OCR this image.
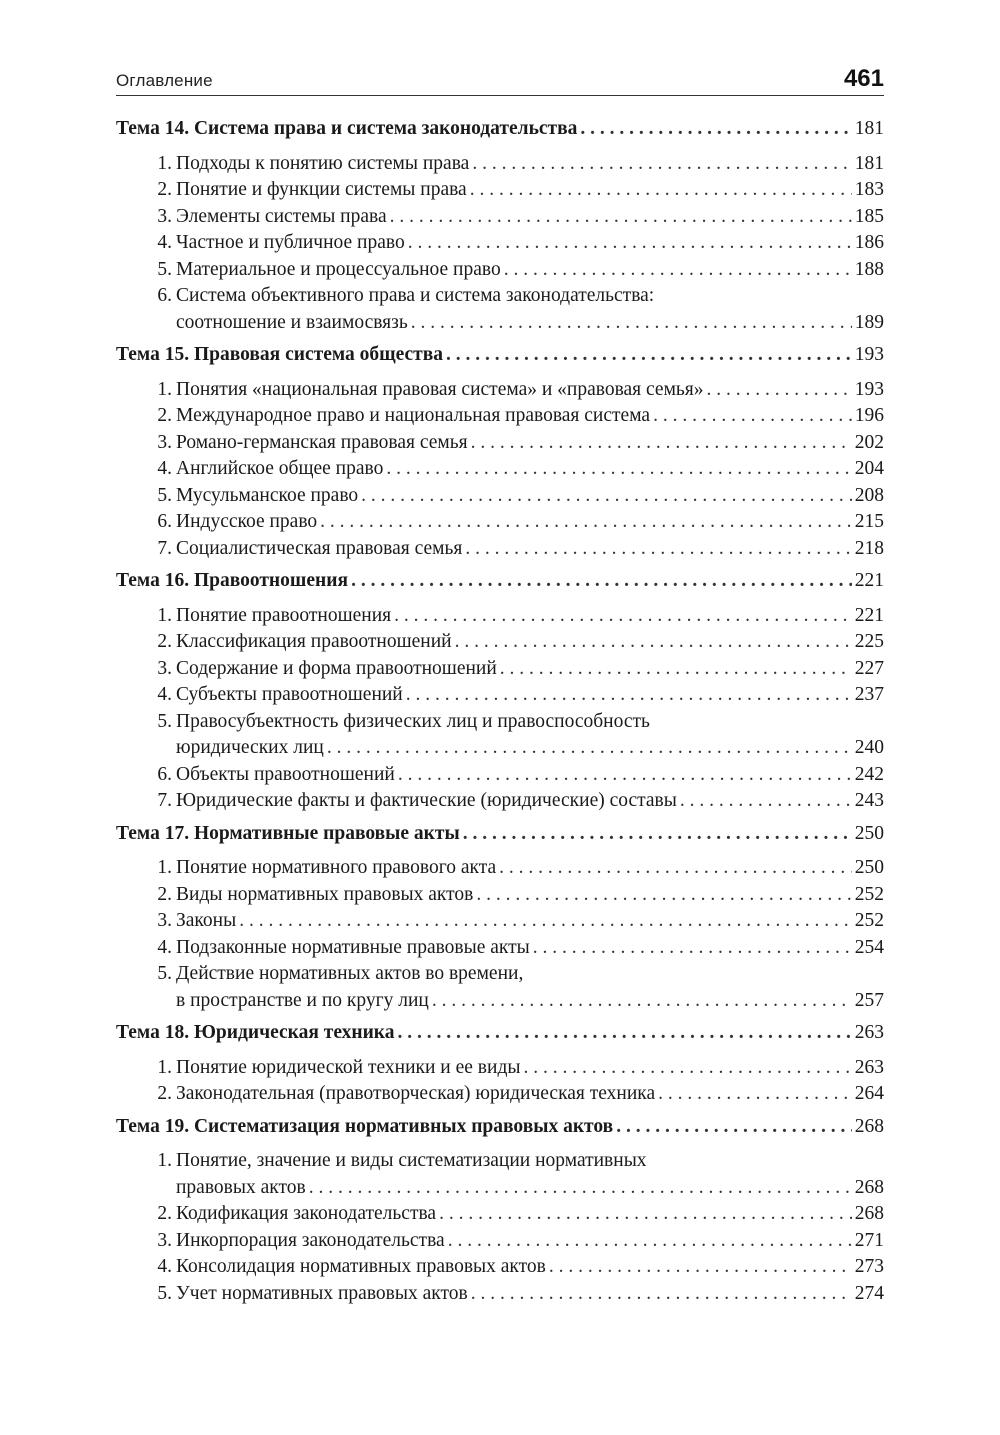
Оглавление	461
Тема 14. Система права и система законодательства . . .	181
1. Подходы к понятию системы права . . .	181
2. Понятие и функции системы права . . .	183
3. Элементы системы права . . .	185
4. Частное и публичное право . . .	186
5. Материальное и процессуальное право . . .	188
6. Система объективного права и система законодательства:
соотношение и взаимосвязь . . .	189
Тема 15. Правовая система общества . . .	193
1. Понятия «национальная правовая система» и «правовая семья» . . .	193
2. Международное право и национальная правовая система . . .	196
3. Романо-германская правовая семья . . .	202
4. Английское общее право . . .	204
5. Мусульманское право . . .	208
6. Индусское право . . .	215
7. Социалистическая правовая семья . . .	218
Тема 16. Правоотношения . . .	221
1. Понятие правоотношения . . .	221
2. Классификация правоотношений . . .	225
3. Содержание и форма правоотношений . . .	227
4. Субъекты правоотношений . . .	237
5. Правосубъектность физических лиц и правоспособность
юридических лиц . . .	240
6. Объекты правоотношений . . .	242
7. Юридические факты и фактические (юридические) составы . . .	243
Тема 17. Нормативные правовые акты . . .	250
1. Понятие нормативного правового акта . . .	250
2. Виды нормативных правовых актов . . .	252
3. Законы . . .	252
4. Подзаконные нормативные правовые акты . . .	254
5. Действие нормативных актов во времени,
в пространстве и по кругу лиц . . .	257
Тема 18. Юридическая техника . . .	263
1. Понятие юридической техники и ее виды . . .	263
2. Законодательная (правотворческая) юридическая техника . . .	264
Тема 19. Систематизация нормативных правовых актов . . .	268
1. Понятие, значение и виды систематизации нормативных
правовых актов . . .	268
2. Кодификация законодательства . . .	268
3. Инкорпорация законодательства . . .	271
4. Консолидация нормативных правовых актов . . .	273
5. Учет нормативных правовых актов . . .	274
